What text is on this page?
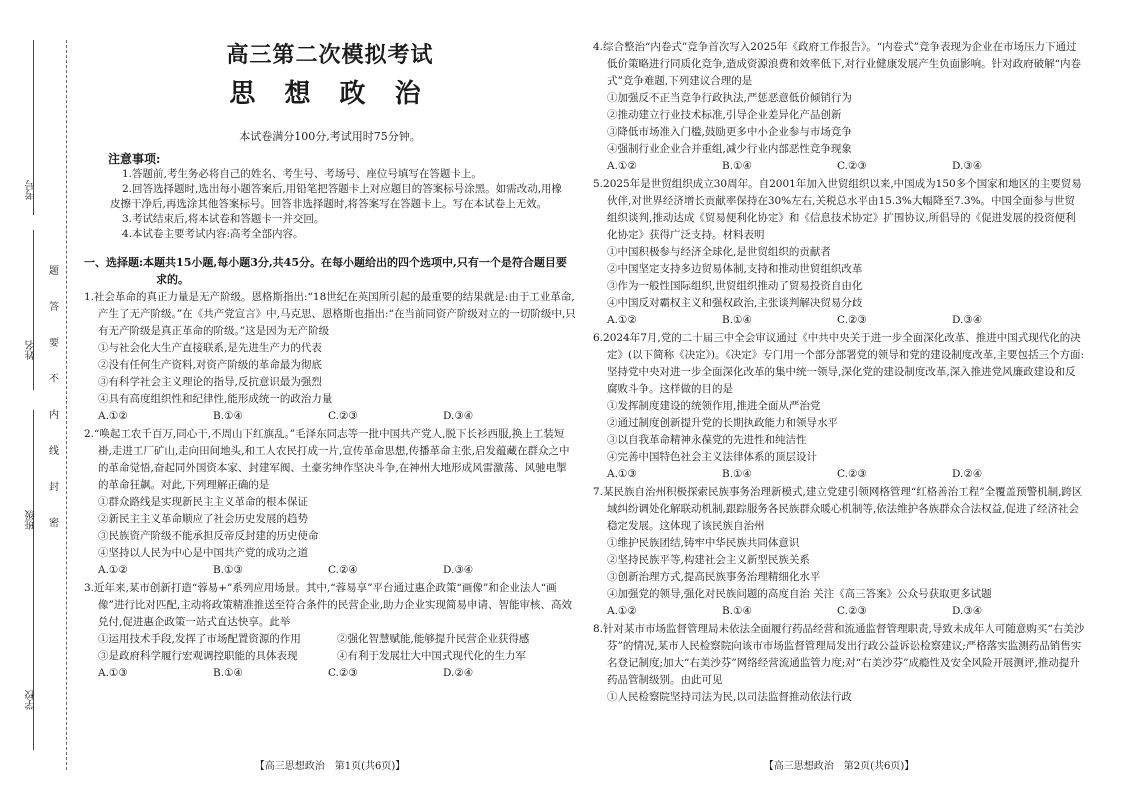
考号
姓名
班级
学校
题
答
要
不
内
线
封
密
高三第二次模拟考试
思 想 政 治
本试卷满分100分,考试用时75分钟。
注意事项:
1.答题前,考生务必将自己的姓名、考生号、考场号、座位号填写在答题卡上。
2.回答选择题时,选出每小题答案后,用铅笔把答题卡上对应题目的答案标号涂黑。如需改动,用橡皮擦干净后,再选涂其他答案标号。回答非选择题时,将答案写在答题卡上。写在本试卷上无效。
3.考试结束后,将本试卷和答题卡一并交回。
4.本试卷主要考试内容:高考全部内容。
一、选择题:本题共15小题,每小题3分,共45分。在每小题给出的四个选项中,只有一个是符合题目要求的。
1.社会革命的真正力量是无产阶级。恩格斯指出:“18世纪在英国所引起的最重要的结果就是:由于工业革命,产生了无产阶级。”在《共产党宣言》中,马克思、恩格斯也指出:“在当前同资产阶级对立的一切阶级中,只有无产阶级是真正革命的阶级。”这是因为无产阶级
①与社会化大生产直接联系,是先进生产力的代表
②没有任何生产资料,对资产阶级的革命最为彻底
③有科学社会主义理论的指导,反抗意识最为强烈
④具有高度组织性和纪律性,能形成统一的政治力量
A.①②	B.①④	C.②③	D.③④
2.“唤起工农千百万,同心干,不周山下红旗乱。”毛泽东同志等一批中国共产党人,脱下长衫西服,换上工装短褂,走进工厂矿山,走向田间地头,和工人农民打成一片,宣传革命思想,传播革命主张,启发蕴藏在群众之中的革命觉悟,奋起同外国资本家、封建军阀、土豪劣绅作坚决斗争,在神州大地形成风雷激荡、风驰电掣的革命狂飙。对此,下列理解正确的是
①群众路线是实现新民主主义革命的根本保证
②新民主主义革命顺应了社会历史发展的趋势
③民族资产阶级不能承担反帝反封建的历史使命
④坚持以人民为中心是中国共产党的成功之道
A.①②	B.①③	C.②④	D.③④
3.近年来,某市创新打造“蓉易+”系列应用场景。其中,“蓉易享”平台通过惠企政策“画像”和企业法人“画像”进行比对匹配,主动将政策精准推送至符合条件的民营企业,助力企业实现简易申请、智能审核、高效兑付,促进惠企政策一站式直达快享。此举
①运用技术手段,发挥了市场配置资源的作用	②强化智慧赋能,能够提升民营企业获得感
③是政府科学履行宏观调控职能的具体表现	④有利于发展壮大中国式现代化的生力军
A.①③	B.①④	C.②③	D.②④
【高三思想政治　第1页(共6页)】
4.综合整治“内卷式”竞争首次写入2025年《政府工作报告》。“内卷式”竞争表现为企业在市场压力下通过低价策略进行同质化竞争,造成资源浪费和效率低下,对行业健康发展产生负面影响。针对政府破解“内卷式”竞争难题,下列建议合理的是
①加强反不正当竞争行政执法,严惩恶意低价倾销行为
②推动建立行业技术标准,引导企业差异化产品创新
③降低市场准入门槛,鼓励更多中小企业参与市场竞争
④强制行业企业合并重组,减少行业内部恶性竞争现象
A.①②	B.①④	C.②③	D.③④
5.2025年是世贸组织成立30周年。自2001年加入世贸组织以来,中国成为150多个国家和地区的主要贸易伙伴,对世界经济增长贡献率保持在30%左右,关税总水平由15.3%大幅降至7.3%。中国全面参与世贸组织谈判,推动达成《贸易便利化协定》和《信息技术协定》扩围协议,所倡导的《促进发展的投资便利化协定》获得广泛支持。材料表明
①中国积极参与经济全球化,是世贸组织的贡献者
②中国坚定支持多边贸易体制,支持和推动世贸组织改革
③作为一般性国际组织,世贸组织推动了贸易投资自由化
④中国反对霸权主义和强权政治,主张谈判解决贸易分歧
A.①②	B.①④	C.②③	D.③④
6.2024年7月,党的二十届三中全会审议通过《中共中央关于进一步全面深化改革、推进中国式现代化的决定》(以下简称《决定》)。《决定》专门用一个部分部署党的领导和党的建设制度改革,主要包括三个方面:坚持党中央对进一步全面深化改革的集中统一领导,深化党的建设制度改革,深入推进党风廉政建设和反腐败斗争。这样做的目的是
①发挥制度建设的统领作用,推进全面从严治党
②通过制度创新提升党的长期执政能力和领导水平
③以自我革命精神永葆党的先进性和纯洁性
④完善中国特色社会主义法律体系的顶层设计
A.①③	B.①④	C.②③	D.②④
7.某民族自治州积极探索民族事务治理新模式,建立党建引领网格管理“红格善治工程”全覆盖预警机制,跨区域纠纷调处化解联动机制,跟踪服务各民族群众暖心机制等,依法维护各族群众合法权益,促进了经济社会稳定发展。这体现了该民族自治州
①维护民族团结,铸牢中华民族共同体意识
②坚持民族平等,构建社会主义新型民族关系
③创新治理方式,提高民族事务治理精细化水平
④加强党的领导,强化对民族问题的高度自治 关注《高三答案》公众号获取更多试题
A.①②	B.①④	C.②③	D.③④
8.针对某市市场监督管理局未依法全面履行药品经营和流通监督管理职责,导致未成年人可随意购买“右美沙芬”的情况,某市人民检察院向该市市场监督管理局发出行政公益诉讼检察建议;严格落实监测药品销售实名登记制度;加大“右美沙芬”网络经营流通监管力度;对“右美沙芬”成瘾性及安全风险开展测评,推动提升药品管制级别。由此可见
①人民检察院坚持司法为民,以司法监督推动依法行政
【高三思想政治　第2页(共6页)】
